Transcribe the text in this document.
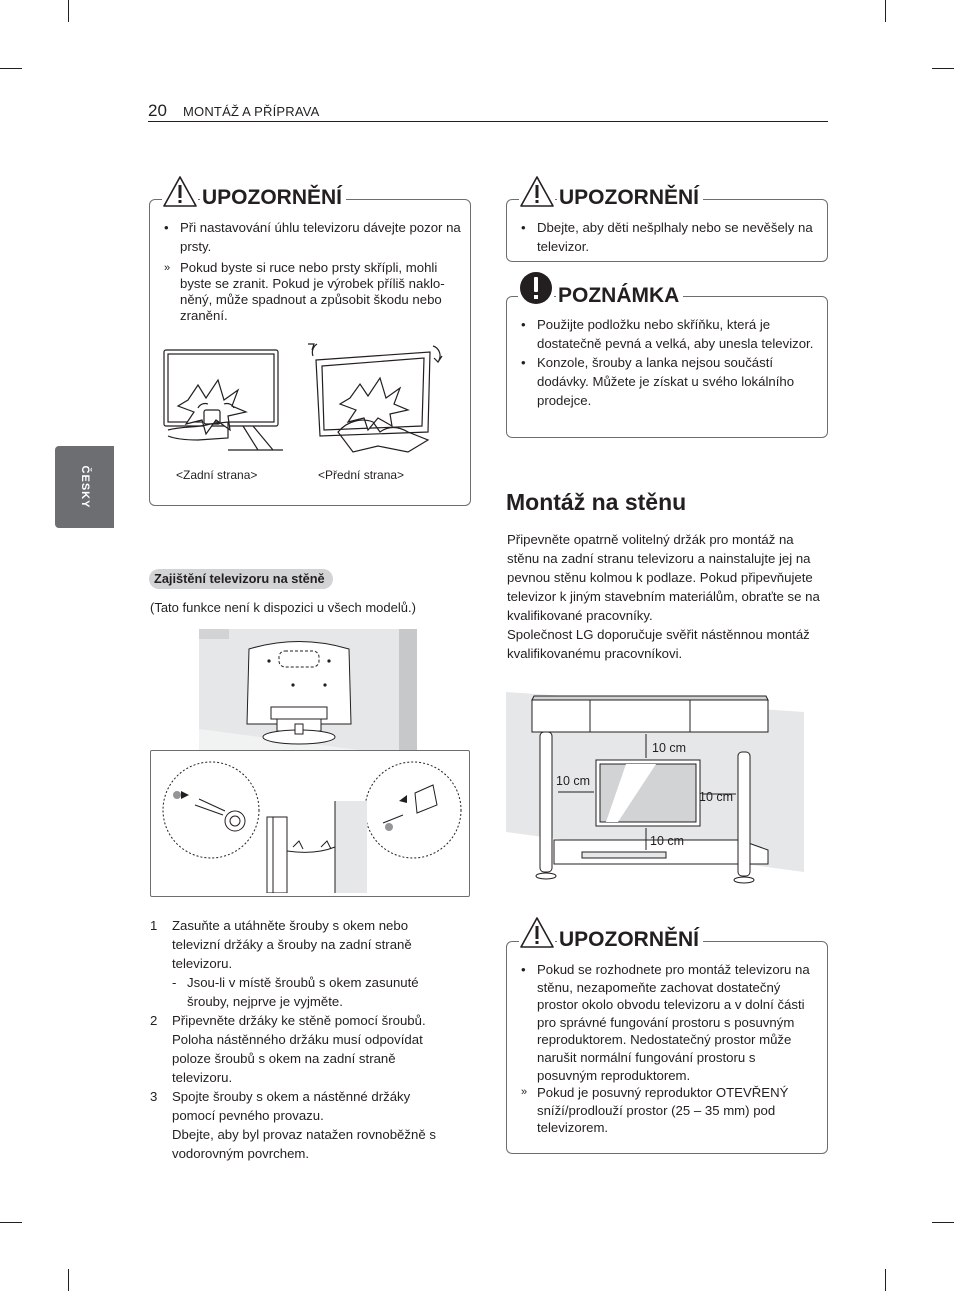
20 MONTÁŽ A PŘÍPRAVA
ČESKY
• Při nastavování úhlu televizoru dávejte pozor na prsty.
» Pokud byste si ruce nebo prsty skřípli, mohli byste se zranit. Pokud je výrobek příliš naklo-něný, může spadnout a způsobit škodu nebo zranění.
<Zadní strana>	<Přední strana>
UPOZORNĚNÍ
Zajištění televizoru na stěně
(Tato funkce není k dispozici u všech modelů.)
1 Zasuňte a utáhněte šrouby s okem nebo televizní držáky a šrouby na zadní straně televizoru.
- Jsou-li v místě šroubů s okem zasunuté šrouby, nejprve je vyjměte.
2 Připevněte držáky ke stěně pomocí šroubů. Poloha nástěnného držáku musí odpovídat poloze šroubů s okem na zadní straně televizoru.
3 Spojte šrouby s okem a nástěnné držáky pomocí pevného provazu.
Dbejte, aby byl provaz natažen rovnoběžně s vodorovným povrchem.
• Dbejte, aby děti nešplhaly nebo se nevěšely na televizor.
UPOZORNĚNÍ
• Použijte podložku nebo skříňku, která je dostatečně pevná a velká, aby unesla televizor.
• Konzole, šrouby a lanka nejsou součástí dodávky. Můžete je získat u svého lokálního prodejce.
POZNÁMKA
Montáž na stěnu

Připevněte opatrně volitelný držák pro montáž na stěnu na zadní stranu televizoru a nainstalujte jej na pevnou stěnu kolmou k podlaze. Pokud připevňujete televizor k jiným stavebním materiálům, obraťte se na kvalifikované pracovníky.

Společnost LG doporučuje svěřit nástěnnou montáž kvalifikovanému pracovníkovi.

10 cm
10 cm
10 cm
10 cm
• Pokud se rozhodnete pro montáž televizoru na stěnu, nezapomeňte zachovat dostatečný prostor okolo obvodu televizoru a v dolní části pro správné fungování prostoru s posuvným reproduktorem. Nedostatečný prostor může narušit normální fungování prostoru s posuvným reproduktorem.
» Pokud je posuvný reproduktor OTEVŘENÝ sníží/prodlouží prostor (25 – 35 mm) pod televizorem.
UPOZORNĚNÍ
